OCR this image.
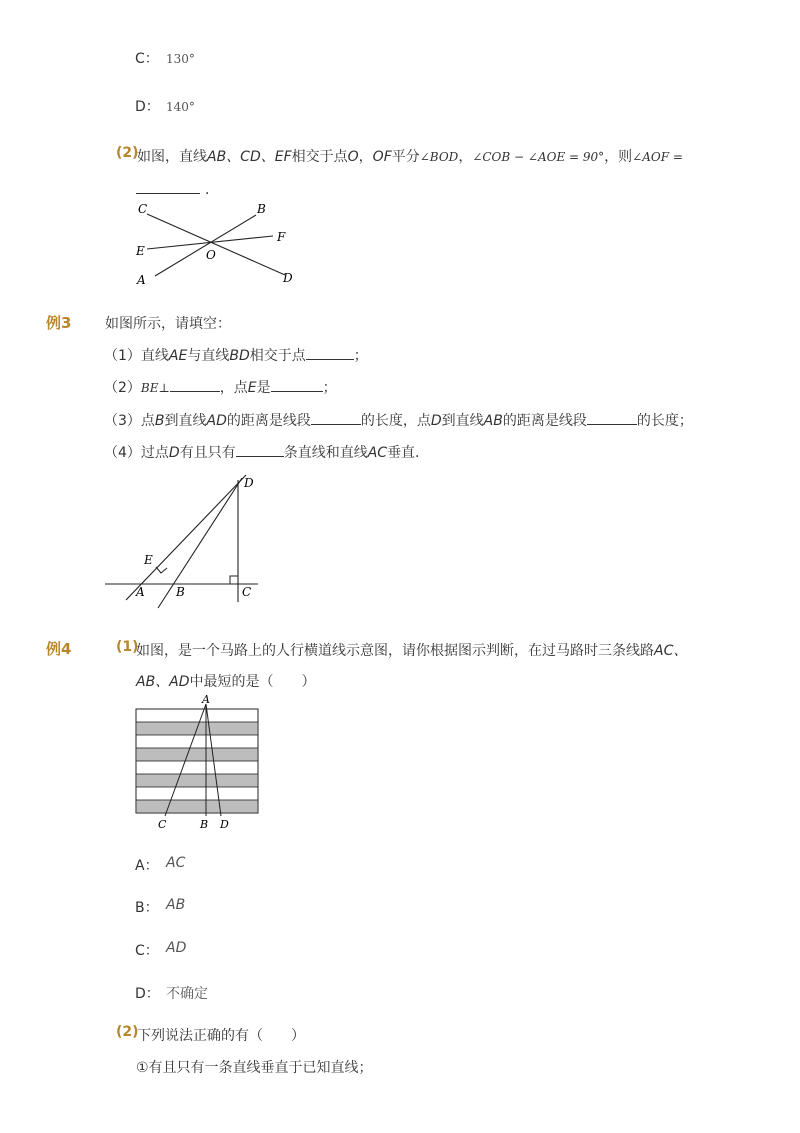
C： 130°
D： 140°
(2)
如图，直线AB、CD、EF相交于点O，OF平分∠BOD，∠COB − ∠AOE = 90°，则∠AOF =
．
C	B
E
F
O
A	D
例3 如图所示，请填空：
（1）直线AE与直线BD相交于点	；
（2）BE⊥	，点E是	；
（3）点B到直线AD的距离是线段	的长度，点D到直线AB的距离是线段	的长度；
（4）过点D有且只有	条直线和直线AC垂直．
D
E
A	B	C
例4	(1)
如图，是一个马路上的人行横道线示意图，请你根据图示判断，在过马路时三条线路AC、
AB、AD中最短的是（　　）
A
C	B D
A： AC
B： AB
C： AD
D： 不确定
(2)
下列说法正确的有（　　）
①有且只有一条直线垂直于已知直线；
